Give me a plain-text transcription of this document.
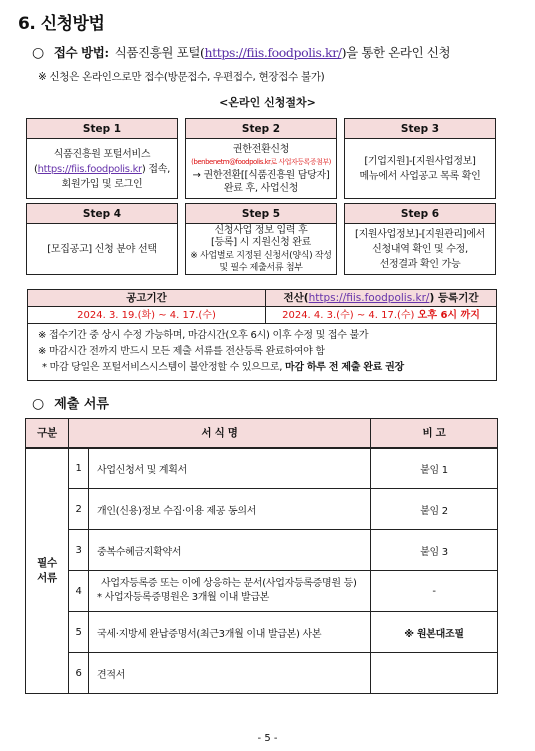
6. 신청방법
○ 접수 방법: 식품진흥원 포털(https://fiis.foodpolis.kr/)을 통한 온라인 신청
※ 신청은 온라인으로만 접수(방문접수, 우편접수, 현장접수 불가)
<온라인 신청절차>
Step 1
식품진흥원 포털서비스
(https://fiis.foodpolis.kr) 접속,
회원가입 및 로그인
Step 2
권한전환신청
(benbenetm@foodpolis.kr로 사업자등록증첨부)
→ 권한전환[[식품진흥원 담당자]
완료 후, 사업신청
Step 3
[기업지원]-[지원사업정보]
메뉴에서 사업공고 목록 확인
Step 4
[모집공고] 신청 분야 선택
Step 5
신청사업 정보 입력 후
[등록] 시 지원신청 완료
※ 사업별로 지정된 신청서(양식) 작성
및 필수 제출서류 첨부
Step 6
[지원사업정보]-[지원관리]에서
신청내역 확인 및 수정,
선정결과 확인 가능
공고기간	전산(https://fiis.foodpolis.kr/) 등록기간
2024. 3. 19.(화) ~ 4. 17.(수)	2024. 4. 3.(수) ~ 4. 17.(수) 오후 6시 까지
※ 접수기간 중 상시 수정 가능하며, 마감시간(오후 6시) 이후 수정 및 접수 불가
※ 마감시간 전까지 반드시 모든 제출 서류를 전산등록 완료하여야 함
* 마감 당일은 포털서비스시스템이 불안정할 수 있으므로, 마감 하루 전 제출 완료 권장
○ 제출 서류
구분	서 식 명		비 고
필수
서류	1	사업신청서 및 계획서	붙임 1
	2	개인(신용)정보 수집·이용 제공 동의서	붙임 2
	3	중복수혜금지확약서	붙임 3
	4	사업자등록증 또는 이에 상응하는 문서(사업자등록증명원 등)
* 사업자등록증명원은 3개월 이내 발급본	-
	5	국세·지방세 완납증명서(최근3개월 이내 발급본) 사본	※ 원본대조필
	6	견적서	
- 5 -
